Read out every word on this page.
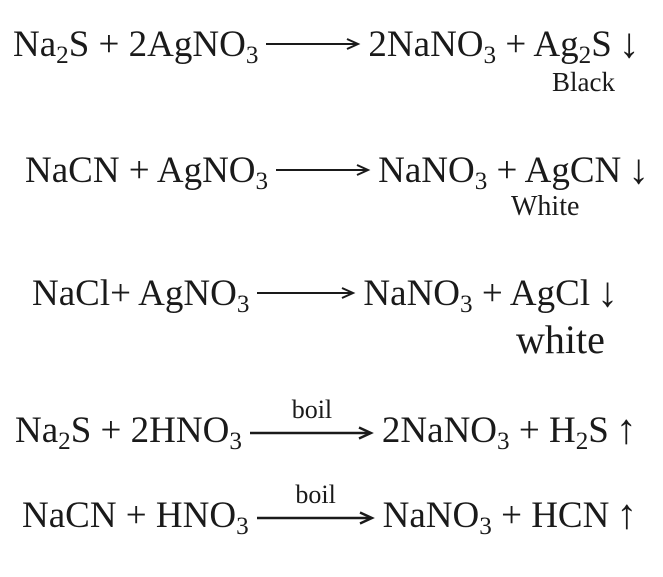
$Na_2S$ + 2AgNO$_3$	2NaNO$_3$ + $Ag_2S$ ↓
Black
NaCN + AgNO$_3$	NaNO$_3$ + AgCN ↓
White
NaCl+ AgNO$_3$	NaNO$_3$ + AgCl ↓
white
$Na_2S + 2HNO_3$
boil
2NaNO$_3$ + $H_2S$ ↑
NaCN + $HNO_3$
boil
NaNO$_3$ + HCN ↑
